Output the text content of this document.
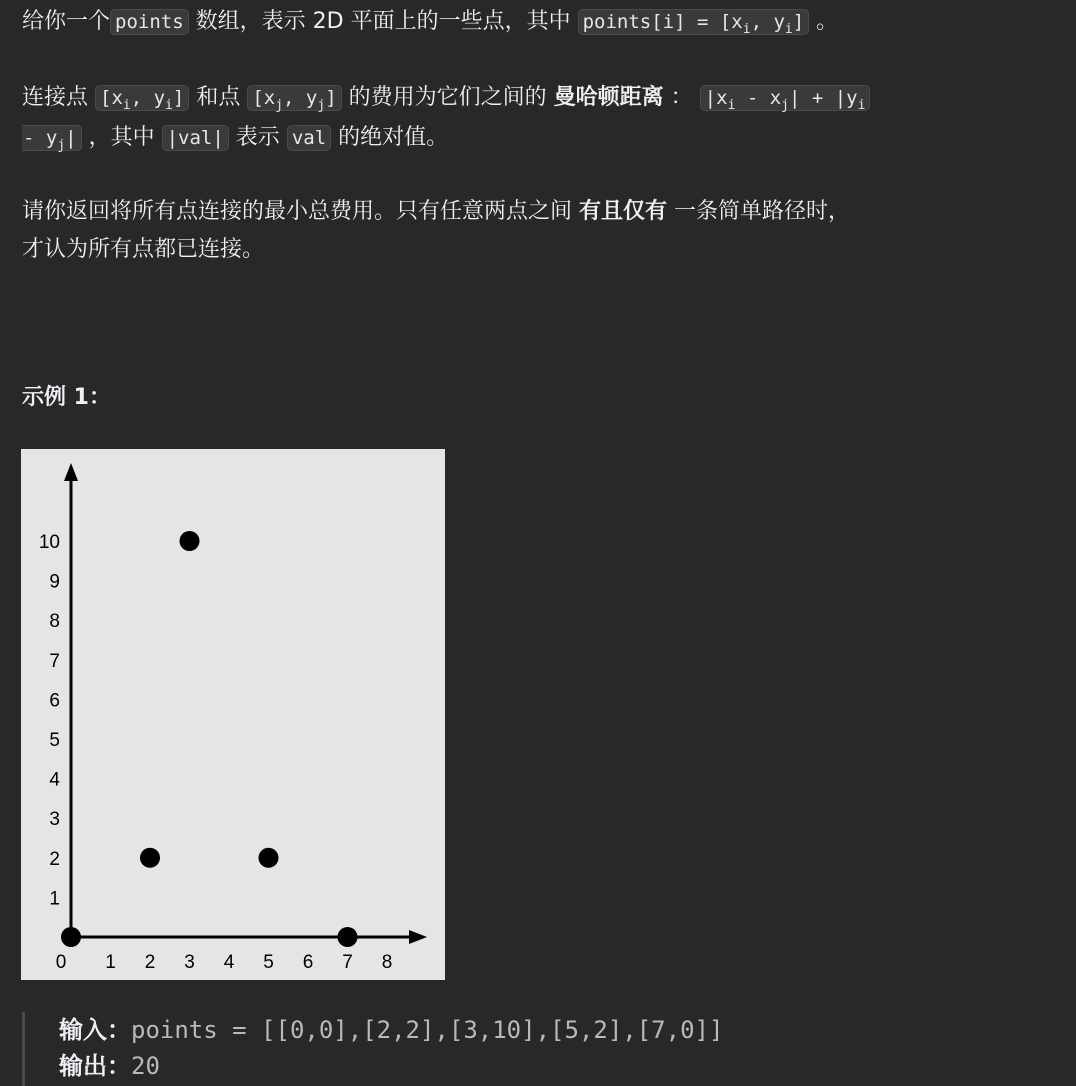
给你一个 points 数组，表示 2D 平面上的一些点，其中 points[i] = [$x_i$, $y_i$] 。
连接点 [$x_i$, $y_i$] 和点 [$x_j$, $y_j$] 的费用为它们之间的 曼哈顿距离 ： $|x_i - x_j| + |y_i$
- $y_j|$ ，其中 |val| 表示 val 的绝对值。
请你返回将所有点连接的最小总费用。只有任意两点之间 有且仅有 一条简单路径时，
才认为所有点都已连接。
示例 1：
1
2
3
4
5
6
7
8
9
10
0 1 2 3 4 5 6 7 8
输入：points = [[0,0],[2,2],[3,10],[5,2],[7,0]]
输出：20
